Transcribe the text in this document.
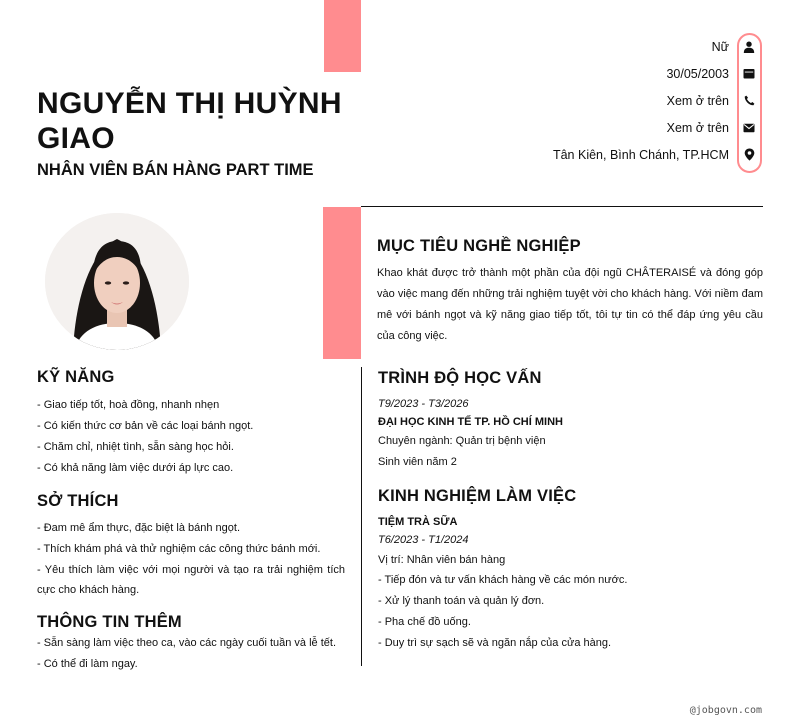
NGUYỄN THỊ HUỲNH GIAO
NHÂN VIÊN BÁN HÀNG PART TIME
Nữ
30/05/2003
Xem ở trên
Xem ở trên
Tân Kiên, Bình Chánh, TP.HCM
MỤC TIÊU NGHỀ NGHIỆP
Khao khát được trở thành một phần của đội ngũ CHÂTERAISÉ và đóng góp vào việc mang đến những trải nghiệm tuyệt vời cho khách hàng. Với niềm đam mê với bánh ngọt và kỹ năng giao tiếp tốt, tôi tự tin có thể đáp ứng yêu cầu của công việc.
KỸ NĂNG
- Giao tiếp tốt, hoà đồng, nhanh nhẹn
- Có kiến thức cơ bản về các loại bánh ngọt.
- Chăm chỉ, nhiệt tình, sẵn sàng học hỏi.
- Có khả năng làm việc dưới áp lực cao.
SỞ THÍCH
- Đam mê ẩm thực, đặc biệt là bánh ngọt.
- Thích khám phá và thử nghiệm các công thức bánh mới.
- Yêu thích làm việc với mọi người và tạo ra trải nghiệm tích cực cho khách hàng.
THÔNG TIN THÊM
- Sẵn sàng làm việc theo ca, vào các ngày cuối tuần và lễ tết.
- Có thể đi làm ngay.
TRÌNH ĐỘ HỌC VẤN
T9/2023 - T3/2026
ĐẠI HỌC KINH TẾ TP. HỒ CHÍ MINH
Chuyên ngành: Quản trị bệnh viện
Sinh viên năm 2
KINH NGHIỆM LÀM VIỆC
TIỆM TRÀ SỮA
T6/2023 - T1/2024
Vị trí: Nhân viên bán hàng
- Tiếp đón và tư vấn khách hàng về các món nước.
- Xử lý thanh toán và quản lý đơn.
- Pha chế đồ uống.
- Duy trì sự sạch sẽ và ngăn nắp của cửa hàng.
@jobgovn.com
